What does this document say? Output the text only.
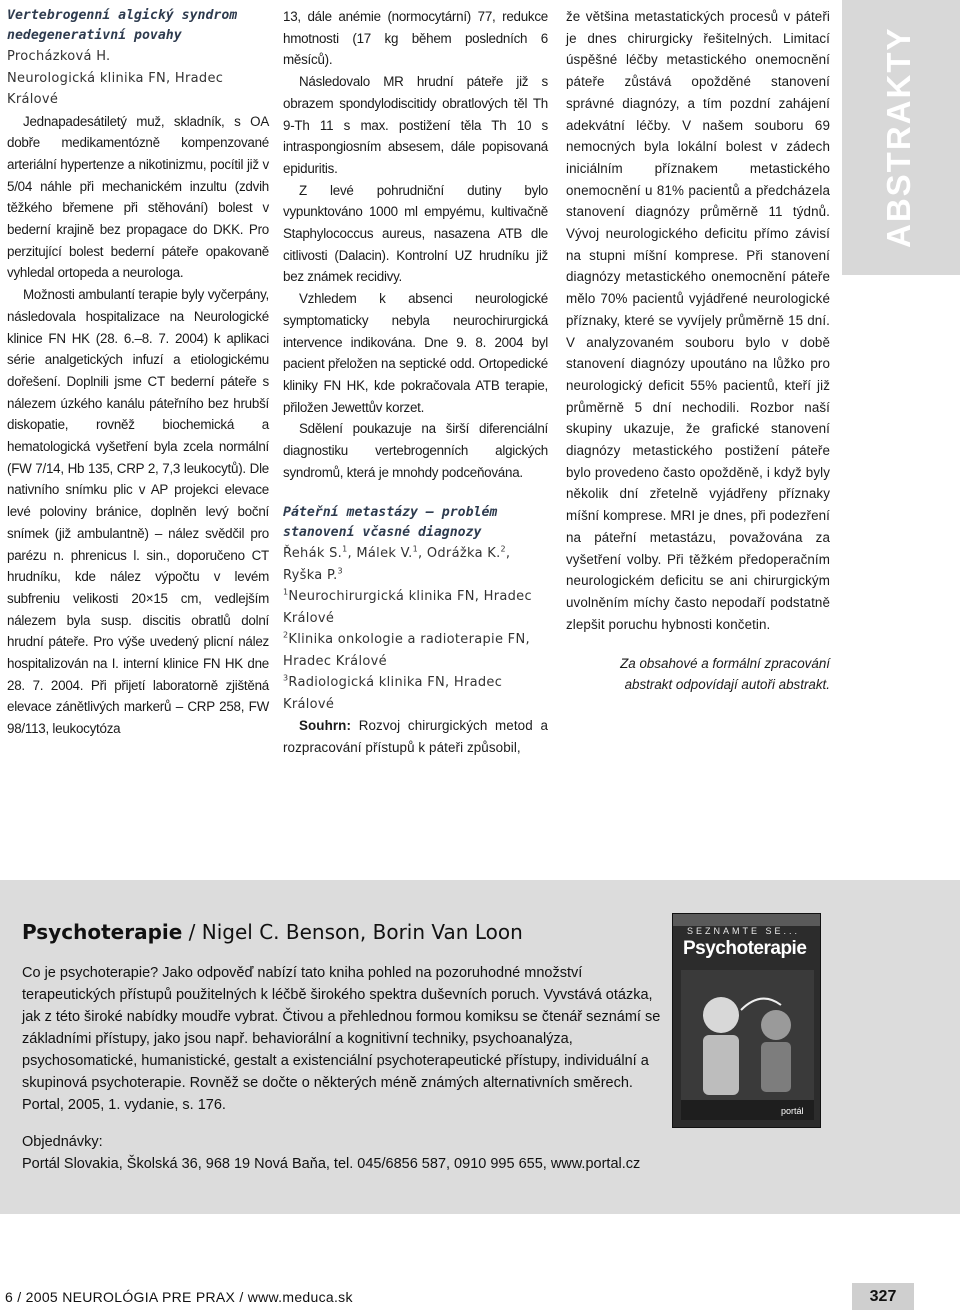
Vertebrogenní algický syndrom nedegenerativní povahy
Procházková H.
Neurologická klinika FN, Hradec Králové
Jednapadesátiletý muž, skladník, s OA dobře medikamentózně kompenzované arteriální hypertenze a nikotinizmu, pocítil již v 5/04 náhle při mechanickém inzultu (zdvih těžkého břemene při stěhování) bolest v bederní krajině bez propagace do DKK. Pro perzitující bolest bederní páteře opakovaně vyhledal ortopeda a neurologa.
Možnosti ambulantí terapie byly vyčerpány, následovala hospitalizace na Neurologické klinice FN HK (28. 6.–8. 7. 2004) k aplikaci série analgetických infuzí a etiologickému dořešení. Doplnili jsme CT bederní páteře s nálezem úzkého kanálu páteřního bez hrubší diskopatie, rovněž biochemická a hematologická vyšetření byla zcela normální (FW 7/14, Hb 135, CRP 2, 7,3 leukocytů). Dle nativního snímku plic v AP projekci elevace levé poloviny bránice, doplněn levý boční snímek (již ambulantně) – nález svědčil pro parézu n. phrenicus l. sin., doporučeno CT hrudníku, kde nález výpočtu v levém subfreniu velikosti 20×15 cm, vedlejším nálezem byla susp. discitis obratlů dolní hrudní páteře. Pro výše uvedený plicní nález hospitalizován na I. interní klinice FN HK dne 28. 7. 2004. Při přijetí laboratorně zjištěná elevace zánětlivých markerů – CRP 258, FW 98/113, leukocytóza
13, dále anémie (normocytární) 77, redukce hmotnosti (17 kg během posledních 6 měsíců).
Následovalo MR hrudní páteře již s obrazem spondylodiscitidy obratlových těl Th 9-Th 11 s max. postižení těla Th 10 s intraspongiosním absesem, dále popisovaná epiduritis.
Z levé pohrudniční dutiny bylo vypunktováno 1000 ml empyému, kultivačně Staphylococcus aureus, nasazena ATB dle citlivosti (Dalacin). Kontrolní UZ hrudníku již bez známek recidivy.
Vzhledem k absenci neurologické symptomaticky nebyla neurochirurgická intervence indikována. Dne 9. 8. 2004 byl pacient přeložen na septické odd. Ortopedické kliniky FN HK, kde pokračovala ATB terapie, přiložen Jewettův korzet.
Sdělení poukazuje na širší diferenciální diagnostiku vertebrogenních algických syndromů, která je mnohdy podceňována.
Páteřní metastázy – problém stanovení včasné diagnozy
Řehák S.$^1$, Málek V.$^1$, Odrážka K.$^2$, Ryška P.$^3$
$^1$Neurochirurgická klinika FN, Hradec Králové
$^2$Klinika onkologie a radioterapie FN, Hradec Králové
$^3$Radiologická klinika FN, Hradec Králové
Souhrn: Rozvoj chirurgických metod a rozpracování přístupů k páteři způsobil,
že většina metastatických procesů v páteři je dnes chirurgicky řešitelných. Limitací úspěšné léčby metastického onemocnění páteře zůstává opožděné stanovení správné diagnózy, a tím pozdní zahájení adekvátní léčby. V našem souboru 69 nemocných byla lokální bolest v zádech iniciálním příznakem metastického onemocnění u 81% pacientů a předcházela stanovení diagnózy průměrně 11 týdnů. Vývoj neurologického deficitu přímo závisí na stupni míšní komprese. Při stanovení diagnózy metastického onemocnění páteře mělo 70% pacientů vyjádřené neurologické příznaky, které se vyvíjely průměrně 15 dní. V analyzovaném souboru bylo v době stanovení diagnózy upoutáno na lůžko pro neurologický deficit 55% pacientů, kteří již průměrně 5 dní nechodili. Rozbor naší skupiny ukazuje, že grafické stanovení diagnózy metastického postižení páteře bylo provedeno často opožděně, i když byly několik dní zřetelně vyjádřeny příznaky míšní komprese. MRI je dnes, při podezření na páteřní metastázu, považována za vyšetření volby. Při těžkém předoperačním neurologickém deficitu se ani chirurgickým uvolněním míchy často nepodaří podstatně zlepšit poruchu hybnosti končetin.
Za obsahové a formální zpracování
abstrakt odpovídají autoři abstrakt.
ABSTRAKTY
Psychoterapie / Nigel C. Benson, Borin Van Loon
Co je psychoterapie? Jako odpověď nabízí tato kniha pohled na pozoruhodné množství terapeutických přístupů použitelných k léčbě širokého spektra duševních poruch. Vyvstává otázka, jak z této široké nabídky moudře vybrat. Čtivou a přehlednou formou komiksu se čtenář seznámí se základními přístupy, jako jsou např. behaviorální a kognitivní techniky, psychoanalýza, psychosomatické, humanistické, gestalt a existenciální psychoterapeutické přístupy, individuální a skupinová psychoterapie. Rovněž se dočte o některých méně známých alternativních směrech. Portal, 2005, 1. vydanie, s. 176.
Objednávky:
Portál Slovakia, Školská 36, 968 19 Nová Baňa, tel. 045/6856 587, 0910 995 655, www.portal.cz
SEZNAMTE SE...
Psychoterapie
portál
6 / 2005 NEUROLÓGIA PRE PRAX / www.meduca.sk	327
